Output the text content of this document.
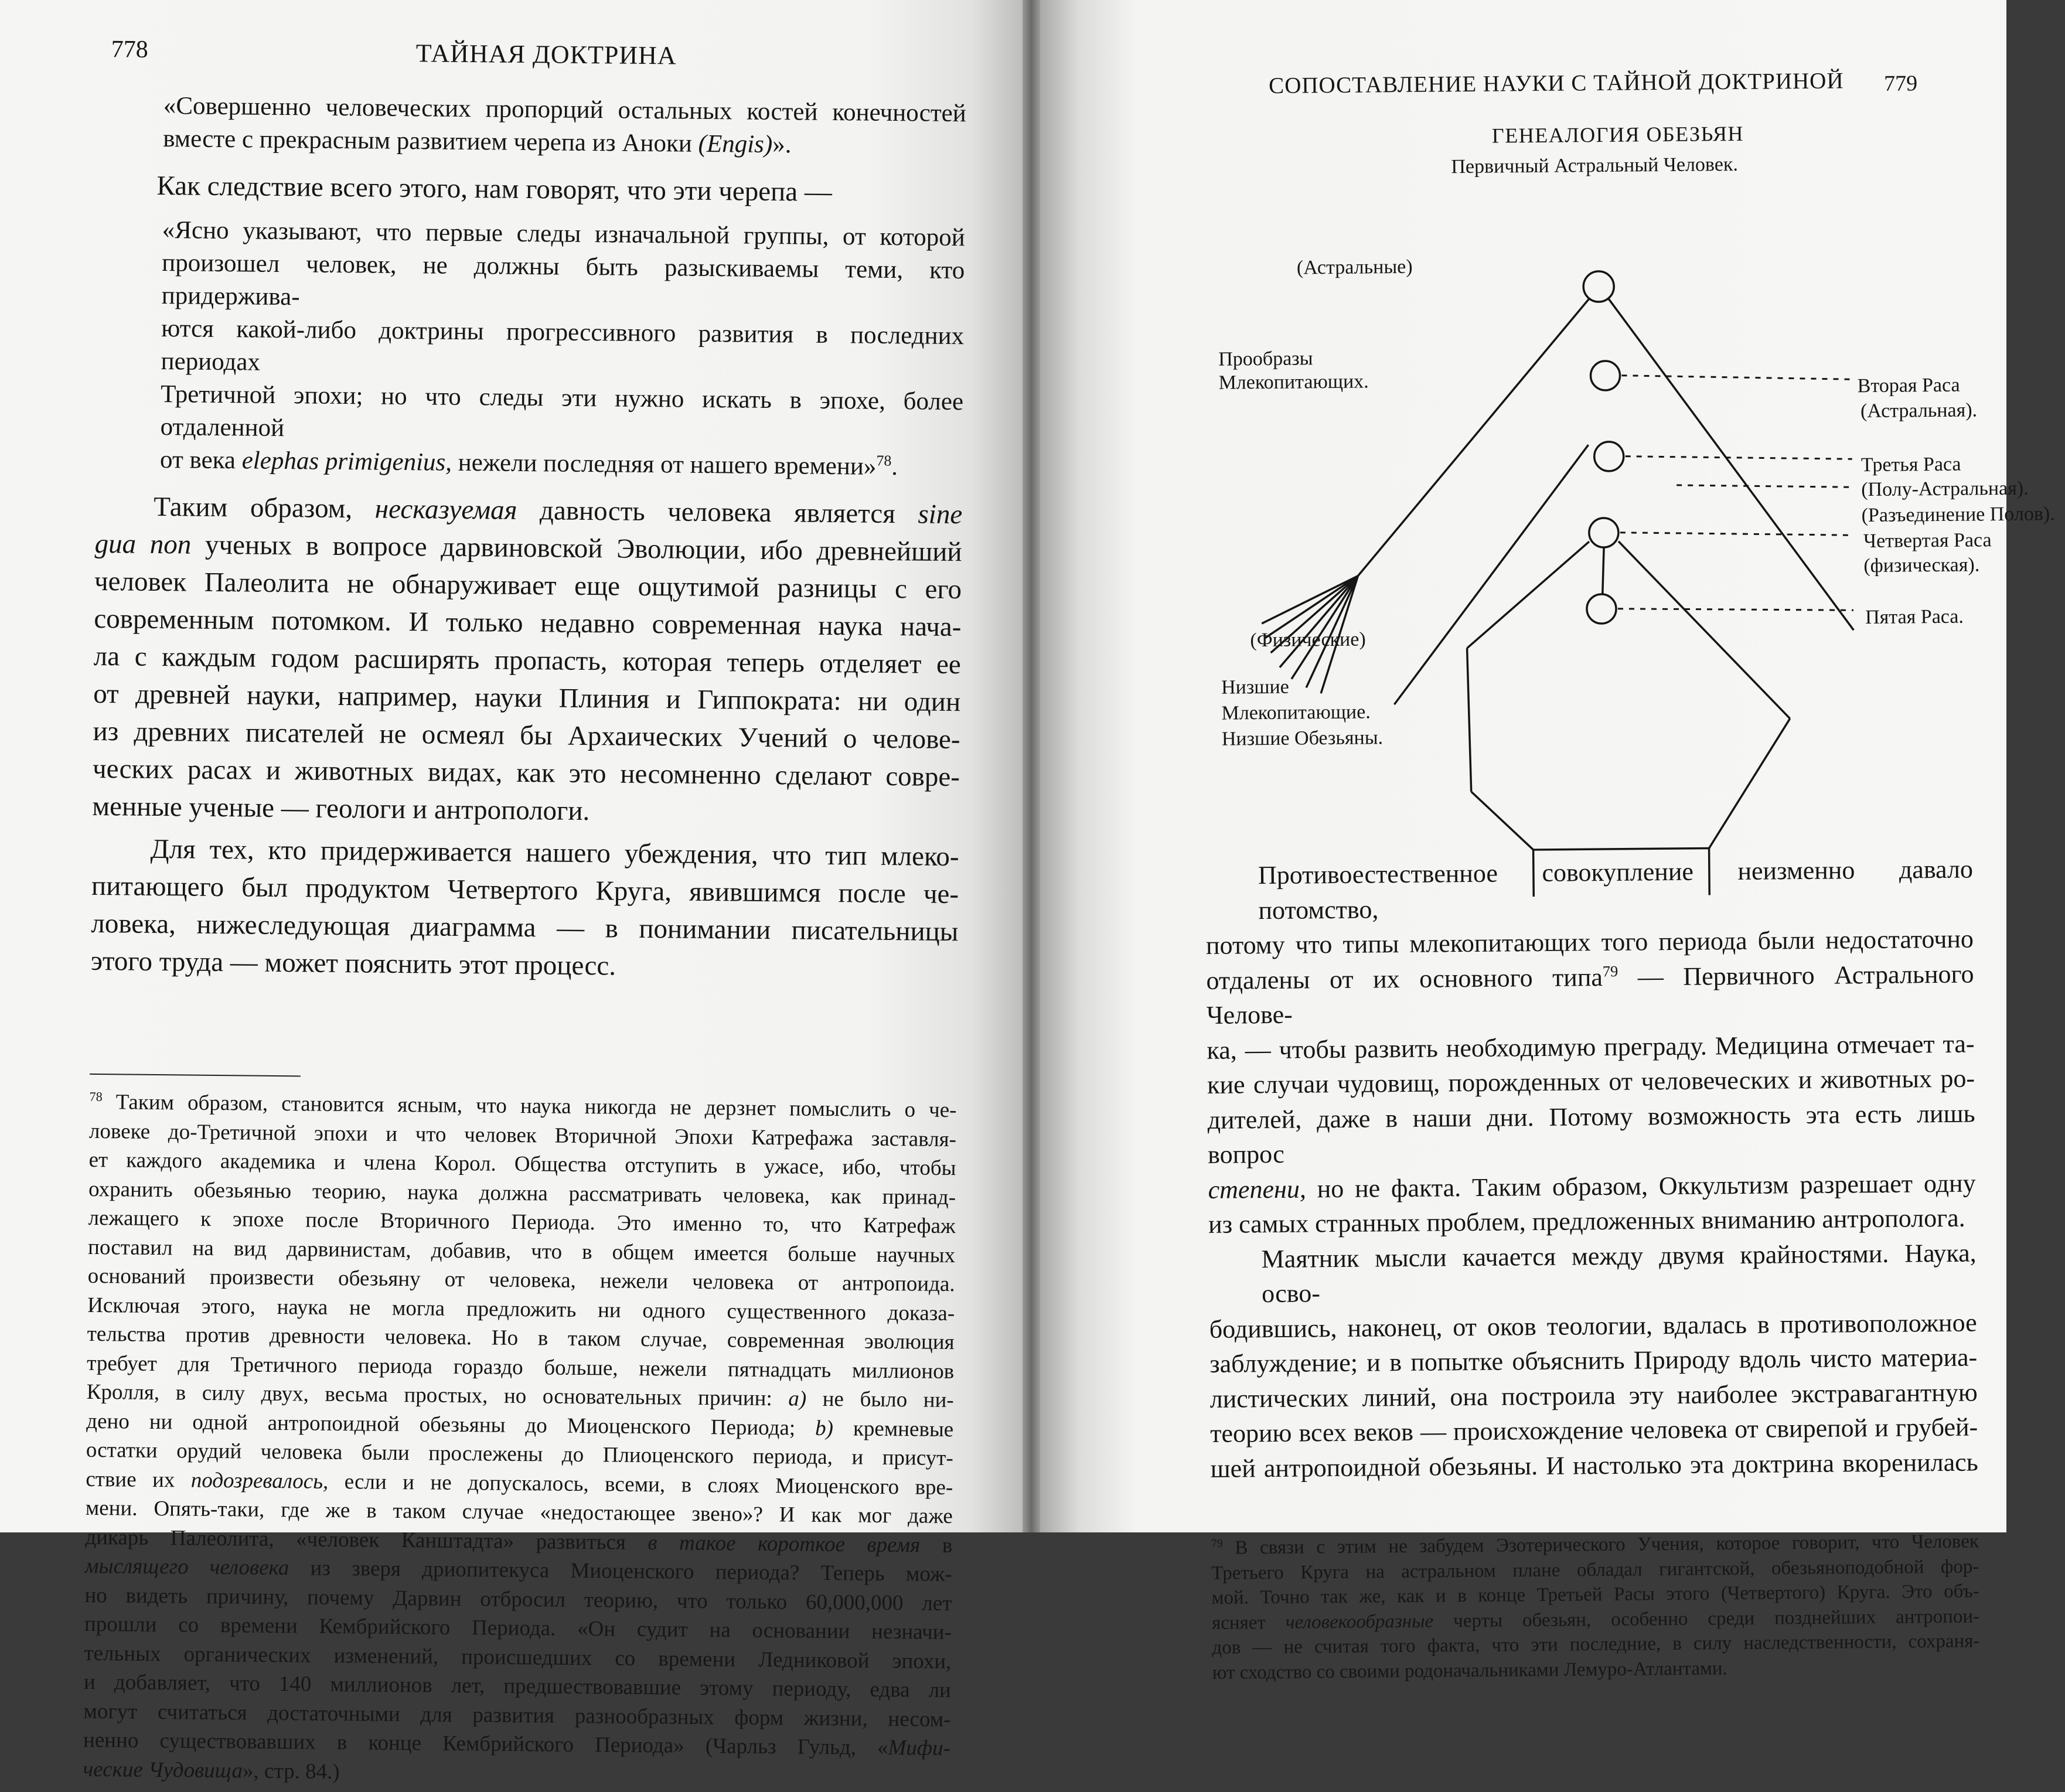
778	ТАЙНАЯ ДОКТРИНА
«Совершенно человеческих пропорций остальных костей конечностей
вместе с прекрасным развитием черепа из Аноки (Engis)».
Как следствие всего этого, нам говорят, что эти черепа —
«Ясно указывают, что первые следы изначальной группы, от которой
произошел человек, не должны быть разыскиваемы теми, кто придержива-
ются какой-либо доктрины прогрессивного развития в последних периодах
Третичной эпохи; но что следы эти нужно искать в эпохе, более отдаленной
от века elephas primigenius, нежели последняя от нашего времени»$^{78}$.
Таким образом, несказуемая давность человека является sine
gua non ученых в вопросе дарвиновской Эволюции, ибо древнейший
человек Палеолита не обнаруживает еще ощутимой разницы с его
современным потомком. И только недавно современная наука нача-
ла с каждым годом расширять пропасть, которая теперь отделяет ее
от древней науки, например, науки Плиния и Гиппократа: ни один
из древних писателей не осмеял бы Архаических Учений о челове-
ческих расах и животных видах, как это несомненно сделают совре-
менные ученые — геологи и антропологи.
Для тех, кто придерживается нашего убеждения, что тип млеко-
питающего был продуктом Четвертого Круга, явившимся после че-
ловека, нижеследующая диаграмма — в понимании писательницы
этого труда — может пояснить этот процесс.
$^{78}$ Таким образом, становится ясным, что наука никогда не дерзнет помыслить о че-
ловеке до-Третичной эпохи и что человек Вторичной Эпохи Катрефажа заставля-
ет каждого академика и члена Корол. Общества отступить в ужасе, ибо, чтобы
охранить обезьянью теорию, наука должна рассматривать человека, как принад-
лежащего к эпохе после Вторичного Периода. Это именно то, что Катрефаж
поставил на вид дарвинистам, добавив, что в общем имеется больше научных
оснований произвести обезьяну от человека, нежели человека от антропоида.
Исключая этого, наука не могла предложить ни одного существенного доказа-
тельства против древности человека. Но в таком случае, современная эволюция
требует для Третичного периода гораздо больше, нежели пятнадцать миллионов
Кролля, в силу двух, весьма простых, но основательных причин: a) не было ни-
дено ни одной антропоидной обезьяны до Миоценского Периода; b) кремневые
остатки орудий человека были прослежены до Плиоценского периода, и присут-
ствие их подозревалось, если и не допускалось, всеми, в слоях Миоценского вре-
мени. Опять-таки, где же в таком случае «недостающее звено»? И как мог даже
дикарь Палеолита, «человек Канштадта» развиться в такое короткое время в
мыслящего человека из зверя дриопитекуса Миоценского периода? Теперь мож-
но видеть причину, почему Дарвин отбросил теорию, что только 60,000,000 лет
прошли со времени Кембрийского Периода. «Он судит на основании незначи-
тельных органических изменений, происшедших со времени Ледниковой эпохи,
и добавляет, что 140 миллионов лет, предшествовавшие этому периоду, едва ли
могут считаться достаточными для развития разнообразных форм жизни, несом-
ненно существовавших в конце Кембрийского Периода» (Чарльз Гульд, «Мифи-
ческие Чудовища», стр. 84.)
СОПОСТАВЛЕНИЕ НАУКИ С ТАЙНОЙ ДОКТРИНОЙ 779
ГЕНЕАЛОГИЯ ОБЕЗЬЯН
Первичный Астральный Человек.
(Астральные)
Прообразы
Млекопитающих.	Вторая Раса
(Астральная).
Третья Раса
(Полу-Астральная).
(Разъединение Полов).
Четвертая Раса
(физическая).
Пятая Раса.
(Физические)
Низшие
Млекопитающие.
Низшие Обезьяны.
Противоестественное совокупление неизменно давало потомство,
потому что типы млекопитающих того периода были недостаточно
отдалены от их основного типа$^{79}$ — Первичного Астрального Челове-
ка, — чтобы развить необходимую преграду. Медицина отмечает та-
кие случаи чудовищ, порожденных от человеческих и животных ро-
дителей, даже в наши дни. Потому возможность эта есть лишь вопрос
степени, но не факта. Таким образом, Оккультизм разрешает одну
из самых странных проблем, предложенных вниманию антрополога.
Маятник мысли качается между двумя крайностями. Наука, осво-
бодившись, наконец, от оков теологии, вдалась в противоположное
заблуждение; и в попытке объяснить Природу вдоль чисто материа-
листических линий, она построила эту наиболее экстравагантную
теорию всех веков — происхождение человека от свирепой и грубей-
шей антропоидной обезьяны. И настолько эта доктрина вкоренилась
$^{79}$ В связи с этим не забудем Эзотерического Учения, которое говорит, что Человек
Третьего Круга на астральном плане обладал гигантской, обезьяноподобной фор-
мой. Точно так же, как и в конце Третьей Расы этого (Четвертого) Круга. Это объ-
ясняет человекообразные черты обезьян, особенно среди позднейших антропои-
дов — не считая того факта, что эти последние, в силу наследственности, сохраня-
ют сходство со своими родоначальниками Лемуро-Атлантами.
